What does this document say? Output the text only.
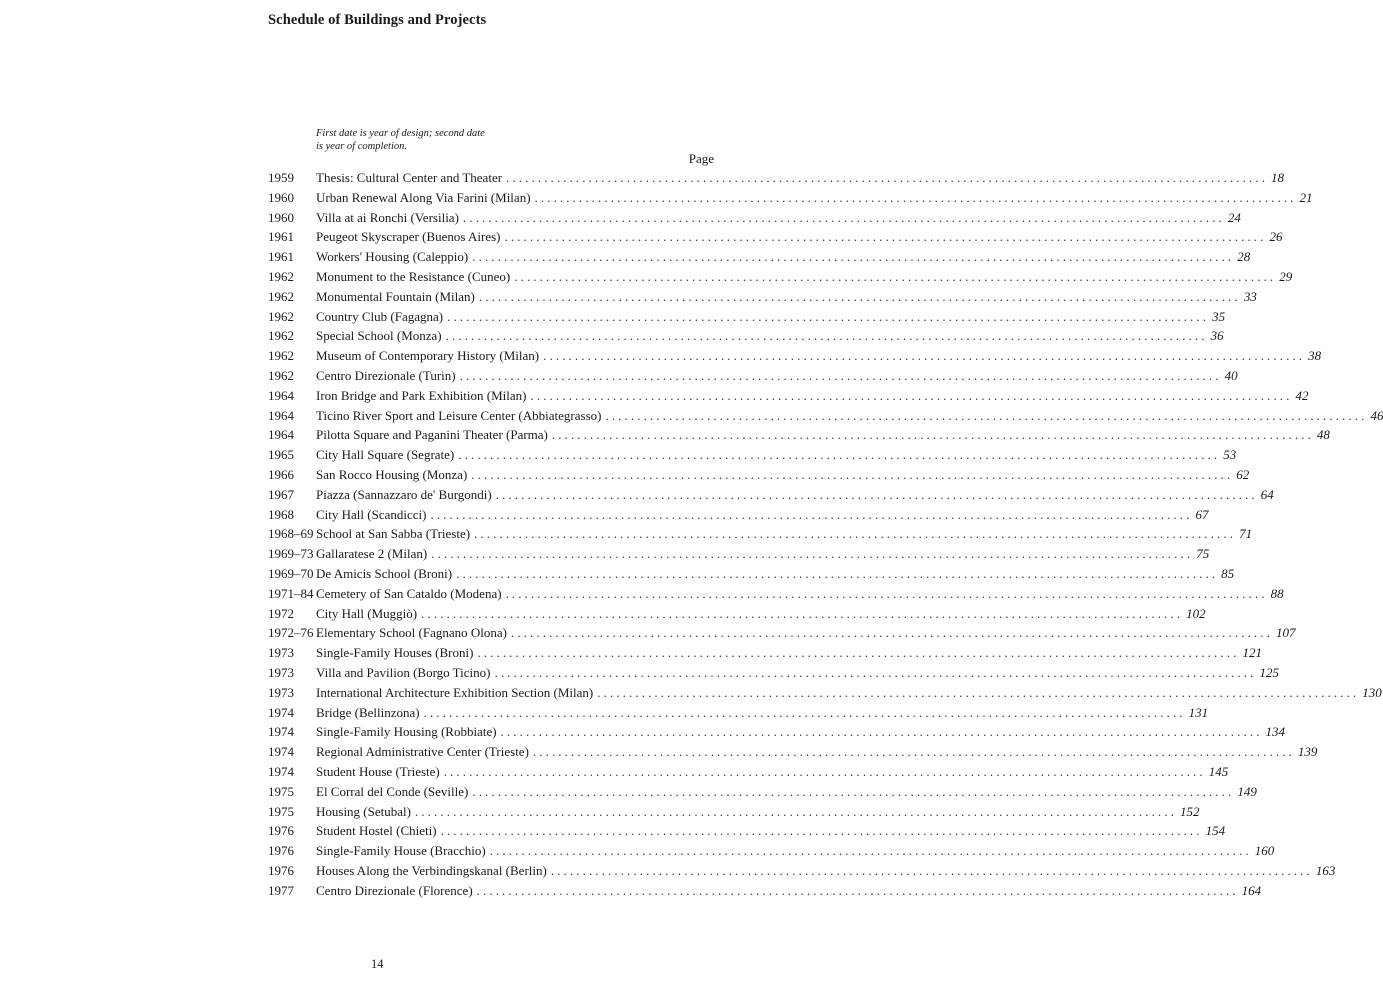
Schedule of Buildings and Projects
First date is year of design; second date
is year of completion.
Page
1959 Thesis: Cultural Center and Theater ........................................................................................................................ 18
1960 Urban Renewal Along Via Farini (Milan) ........................................................................................................................ 21
1960 Villa at ai Ronchi (Versilia) ........................................................................................................................ 24
1961 Peugeot Skyscraper (Buenos Aires) ........................................................................................................................ 26
1961 Workers' Housing (Caleppio) ........................................................................................................................ 28
1962 Monument to the Resistance (Cuneo) ........................................................................................................................ 29
1962 Monumental Fountain (Milan) ........................................................................................................................ 33
1962 Country Club (Fagagna) ........................................................................................................................ 35
1962 Special School (Monza) ........................................................................................................................ 36
1962 Museum of Contemporary History (Milan) ........................................................................................................................ 38
1962 Centro Direzionale (Turin) ........................................................................................................................ 40
1964 Iron Bridge and Park Exhibition (Milan) ........................................................................................................................ 42
1964 Ticino River Sport and Leisure Center (Abbiategrasso) ........................................................................................................................ 46
1964 Pilotta Square and Paganini Theater (Parma) ........................................................................................................................ 48
1965 City Hall Square (Segrate) ........................................................................................................................ 53
1966 San Rocco Housing (Monza) ........................................................................................................................ 62
1967 Piazza (Sannazzaro de' Burgondi) ........................................................................................................................ 64
1968 City Hall (Scandicci) ........................................................................................................................ 67
1968–69 School at San Sabba (Trieste) ........................................................................................................................ 71
1969–73 Gallaratese 2 (Milan) ........................................................................................................................ 75
1969–70 De Amicis School (Broni) ........................................................................................................................ 85
1971–84 Cemetery of San Cataldo (Modena) ........................................................................................................................ 88
1972 City Hall (Muggiò) ........................................................................................................................ 102
1972–76 Elementary School (Fagnano Olona) ........................................................................................................................ 107
1973 Single-Family Houses (Broni) ........................................................................................................................ 121
1973 Villa and Pavilion (Borgo Ticino) ........................................................................................................................ 125
1973 International Architecture Exhibition Section (Milan) ........................................................................................................................ 130
1974 Bridge (Bellinzona) ........................................................................................................................ 131
1974 Single-Family Housing (Robbiate) ........................................................................................................................ 134
1974 Regional Administrative Center (Trieste) ........................................................................................................................ 139
1974 Student House (Trieste) ........................................................................................................................ 145
1975 El Corral del Conde (Seville) ........................................................................................................................ 149
1975 Housing (Setubal) ........................................................................................................................ 152
1976 Student Hostel (Chieti) ........................................................................................................................ 154
1976 Single-Family House (Bracchio) ........................................................................................................................ 160
1976 Houses Along the Verbindingskanal (Berlin) ........................................................................................................................ 163
1977 Centro Direzionale (Florence) ........................................................................................................................ 164
14
